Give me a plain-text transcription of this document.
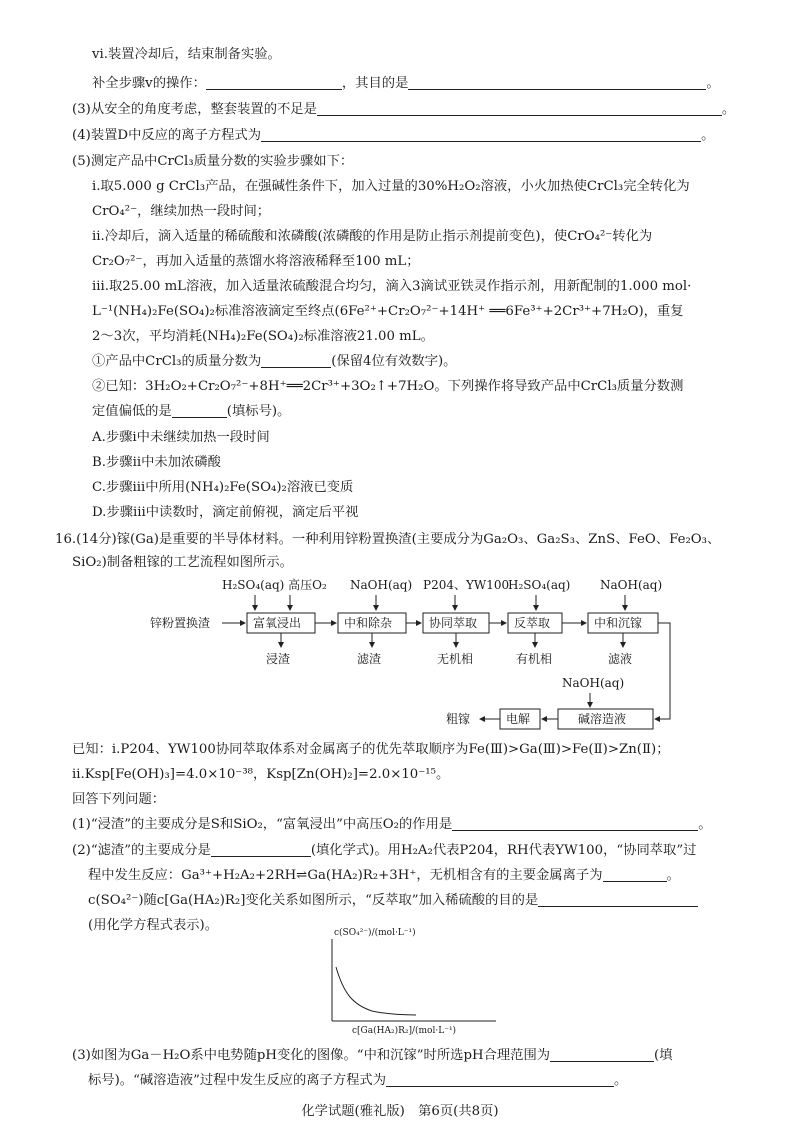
ⅵ.装置冷却后，结束制备实验。
补全步骤ⅴ的操作：	，其目的是	。
(3)从安全的角度考虑，整套装置的不足是	。
(4)装置D中反应的离子方程式为	。
(5)测定产品中CrCl₃质量分数的实验步骤如下：
ⅰ.取5.000 g CrCl₃产品，在强碱性条件下，加入过量的30%H₂O₂溶液，小火加热使CrCl₃完全转化为
CrO₄²⁻，继续加热一段时间；
ⅱ.冷却后，滴入适量的稀硫酸和浓磷酸(浓磷酸的作用是防止指示剂提前变色)，使CrO₄²⁻转化为
Cr₂O₇²⁻，再加入适量的蒸馏水将溶液稀释至100 mL；
ⅲ.取25.00 mL溶液，加入适量浓硫酸混合均匀，滴入3滴试亚铁灵作指示剂，用新配制的1.000 mol·
L⁻¹(NH₄)₂Fe(SO₄)₂标准溶液滴定至终点(6Fe²⁺+Cr₂O₇²⁻+14H⁺ ══6Fe³⁺+2Cr³⁺+7H₂O)，重复
2～3次，平均消耗(NH₄)₂Fe(SO₄)₂标准溶液21.00 mL。
①产品中CrCl₃的质量分数为	(保留4位有效数字)。
②已知：3H₂O₂+Cr₂O₇²⁻+8H⁺══2Cr³⁺+3O₂↑+7H₂O。下列操作将导致产品中CrCl₃质量分数测
定值偏低的是	(填标号)。
A.步骤ⅰ中未继续加热一段时间
B.步骤ⅱ中未加浓磷酸
C.步骤ⅲ中所用(NH₄)₂Fe(SO₄)₂溶液已变质
D.步骤ⅲ中读数时，滴定前俯视，滴定后平视
16.(14分)镓(Ga)是重要的半导体材料。一种利用锌粉置换渣(主要成分为Ga₂O₃、Ga₂S₃、ZnS、FeO、Fe₂O₃、
SiO₂)制备粗镓的工艺流程如图所示。
H₂SO₄(aq) 高压O₂ NaOH(aq) P204、YW100
H₂SO₄(aq) NaOH(aq)
锌粉置换渣	富氧浸出	中和除杂	协同萃取	反萃取	中和沉镓
浸渣	滤渣	无机相	有机相	滤液
NaOH(aq)
碱溶造液
电解
粗镓
已知：ⅰ.P204、YW100协同萃取体系对金属离子的优先萃取顺序为Fe(Ⅲ)>Ga(Ⅲ)>Fe(Ⅱ)>Zn(Ⅱ)；
ⅱ.Ksp[Fe(OH)₃]=4.0×10⁻³⁸，Ksp[Zn(OH)₂]=2.0×10⁻¹⁵。
回答下列问题：
(1)“浸渣”的主要成分是S和SiO₂，“富氧浸出”中高压O₂的作用是	。
(2)“滤渣”的主要成分是	(填化学式)。用H₂A₂代表P204，RH代表YW100，“协同萃取”过
程中发生反应：Ga³⁺+H₂A₂+2RH⇌Ga(HA₂)R₂+3H⁺，无机相含有的主要金属离子为	。
c(SO₄²⁻)随c[Ga(HA₂)R₂]变化关系如图所示，“反萃取”加入稀硫酸的目的是
(用化学方程式表示)。	c(SO₄²⁻)/(mol·L⁻¹)
c[Ga(HA₂)R₂]/(mol·L⁻¹)
(3)如图为Ga－H₂O系中电势随pH变化的图像。“中和沉镓”时所选pH合理范围为	(填
标号)。“碱溶造液”过程中发生反应的离子方程式为	。
化学试题(雅礼版)　第6页(共8页)
